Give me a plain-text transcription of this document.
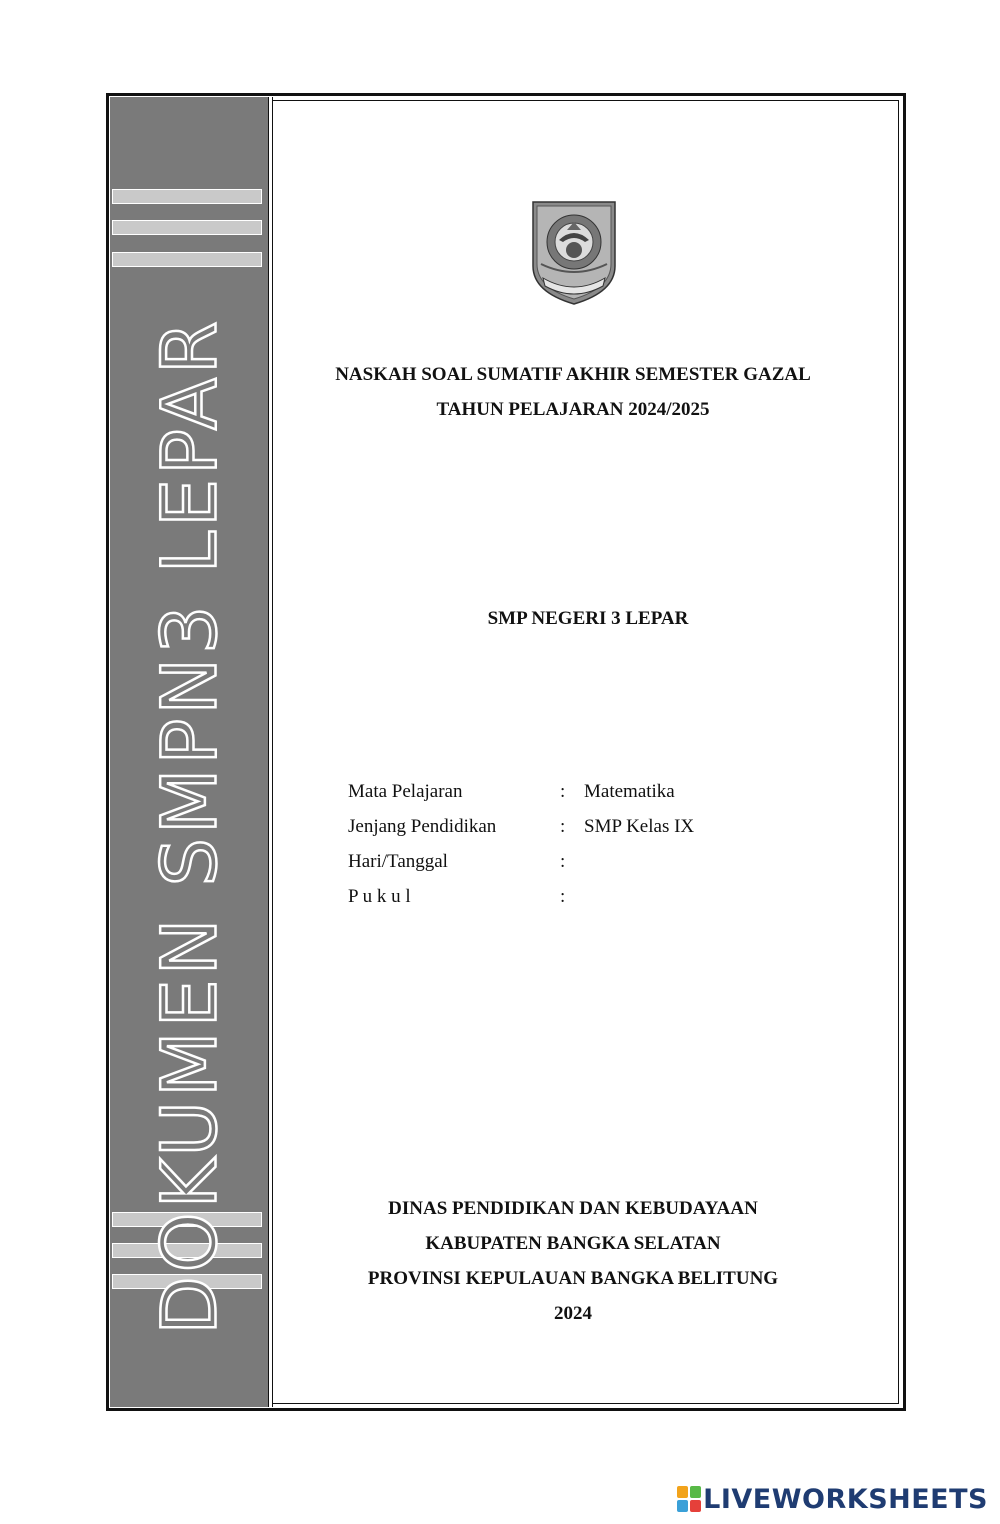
DOKUMEN SMPN3 LEPAR	NASKAH SOAL SUMATIF AKHIR SEMESTER GAZAL
TAHUN PELAJARAN 2024/2025
SMP NEGERI 3 LEPAR
Mata Pelajaran	: Matematika
Jenjang Pendidikan	: SMP Kelas IX
Hari/Tanggal	:
P u k u l	:
DINAS PENDIDIKAN DAN KEBUDAYAAN
KABUPATEN BANGKA SELATAN
PROVINSI KEPULAUAN BANGKA BELITUNG
2024
LIVEWORKSHEETS
